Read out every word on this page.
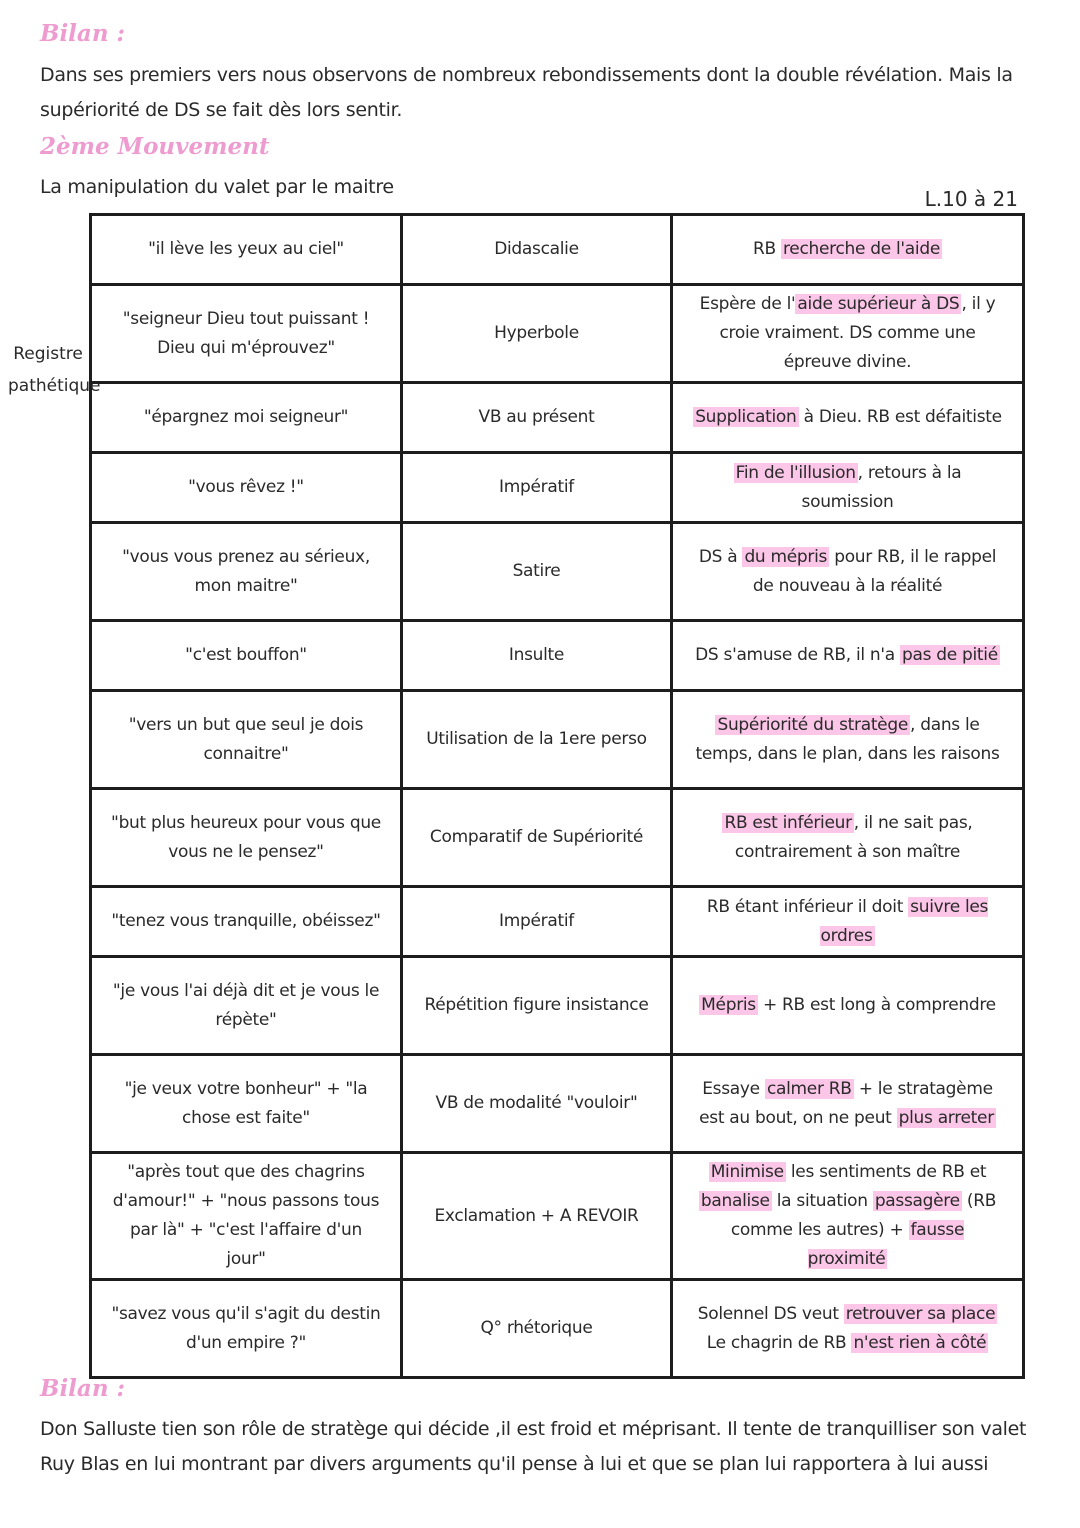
Bilan :
Dans ses premiers vers nous observons de nombreux rebondissements dont la double révélation. Mais la supériorité de DS se fait dès lors sentir.
2ème Mouvement
La manipulation du valet par le maitre	L.10 à 21
Registre pathétique
"il lève les yeux au ciel"	Didascalie	RB recherche de l'aide
"seigneur Dieu tout puissant ! Dieu qui m'éprouvez"	Hyperbole	Espère de l' aide supérieur à DS , il y croie vraiment. DS comme une épreuve divine.
"épargnez moi seigneur"	VB au présent	Supplication à Dieu. RB est défaitiste
"vous rêvez !"	Impératif	Fin de l'illusion , retours à la soumission
"vous vous prenez au sérieux, mon maitre"	Satire	DS à du mépris pour RB, il le rappel de nouveau à la réalité
"c'est bouffon"	Insulte	DS s'amuse de RB, il n'a pas de pitié
"vers un but que seul je dois connaitre"	Utilisation de la 1ere perso	Supériorité du stratège , dans le temps, dans le plan, dans les raisons
"but plus heureux pour vous que vous ne le pensez"	Comparatif de Supériorité	RB est inférieur , il ne sait pas, contrairement à son maître
"tenez vous tranquille, obéissez"	Impératif	RB étant inférieur il doit suivre les ordres
"je vous l'ai déjà dit et je vous le répète"	Répétition figure insistance	Mépris + RB est long à comprendre
"je veux votre bonheur" + "la chose est faite"	VB de modalité "vouloir"	Essaye calmer RB + le stratagème est au bout, on ne peut plus arreter
"après tout que des chagrins d'amour!" + "nous passons tous par là" + "c'est l'affaire d'un jour"	Exclamation + A REVOIR	Minimise les sentiments de RB et banalise la situation passagère (RB comme les autres) + fausse proximité
"savez vous qu'il s'agit du destin d'un empire ?"	Q° rhétorique	Solennel DS veut retrouver sa place Le chagrin de RB n'est rien à côté
Bilan :
Don Salluste tien son rôle de stratège qui décide ,il est froid et méprisant. Il tente de tranquilliser son valet Ruy Blas en lui montrant par divers arguments qu'il pense à lui et que se plan lui rapportera à lui aussi
